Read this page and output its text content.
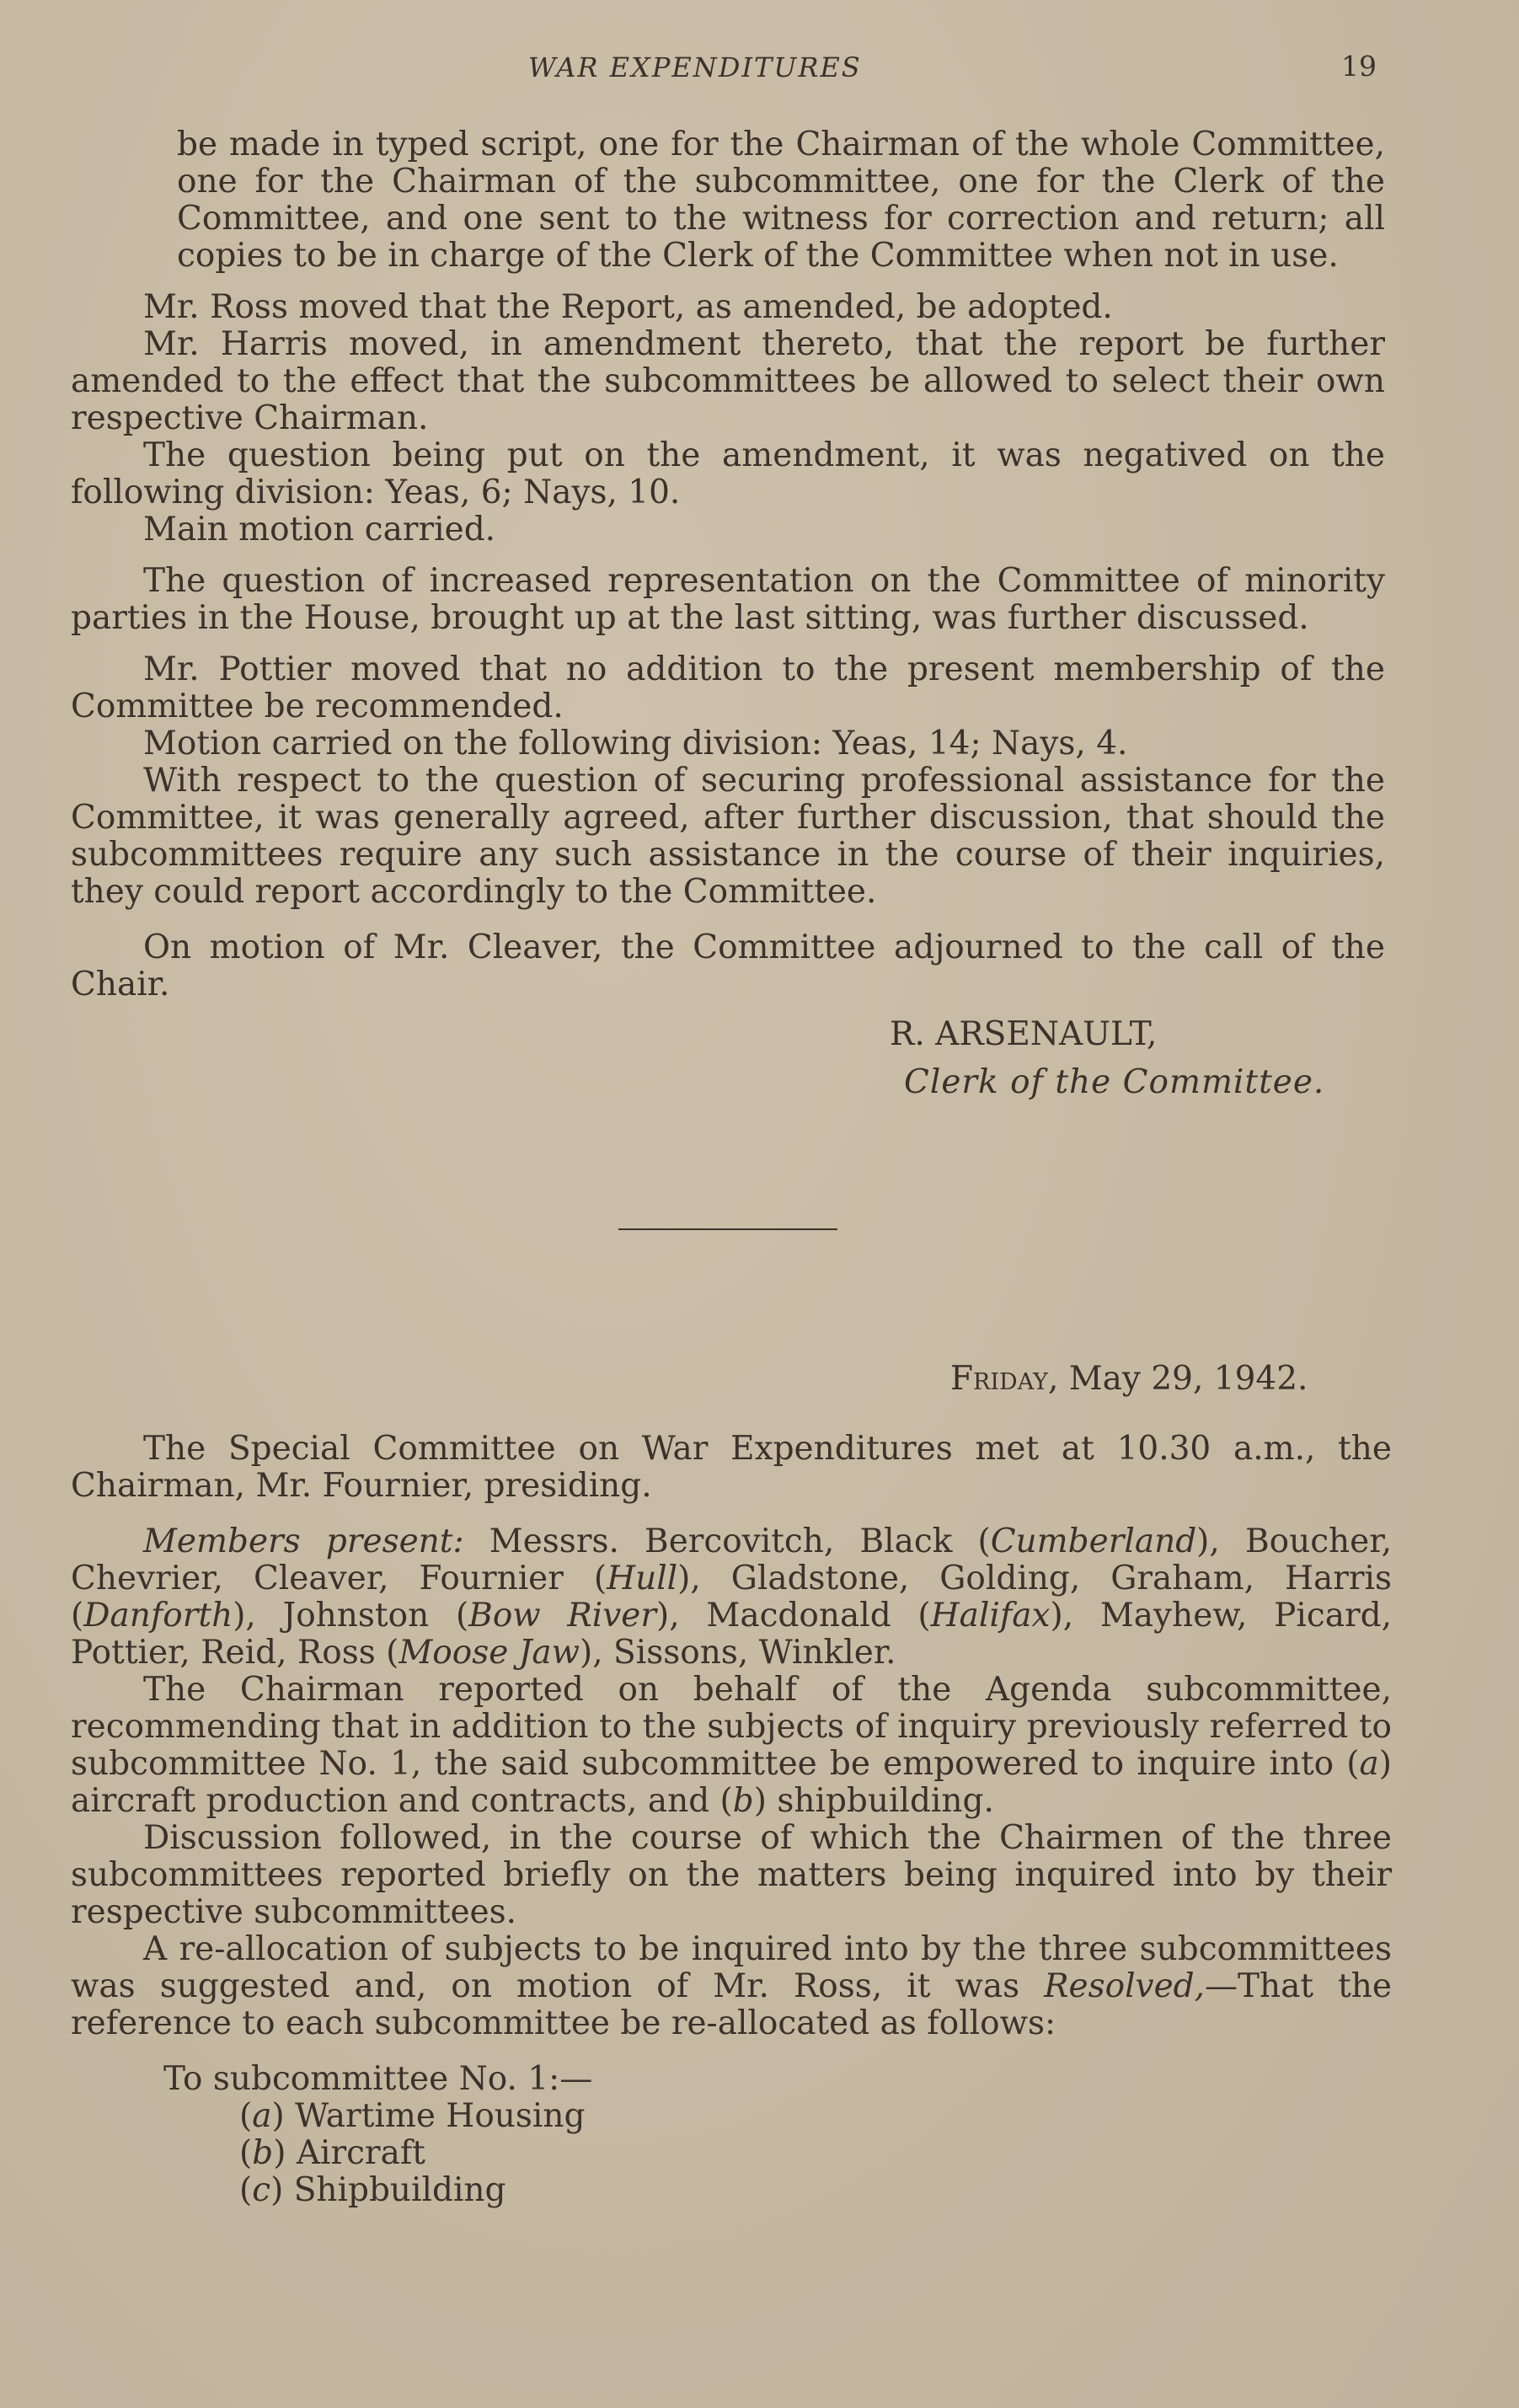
WAR EXPENDITURES	19

be made in typed script, one for the Chairman of the whole Committee, one for the Chairman of the subcommittee, one for the Clerk of the Committee, and one sent to the witness for correction and return; all copies to be in charge of the Clerk of the Committee when not in use.

Mr. Ross moved that the Report, as amended, be adopted.

Mr. Harris moved, in amendment thereto, that the report be further amended to the effect that the subcommittees be allowed to select their own respective Chairman.

The question being put on the amendment, it was negatived on the following division: Yeas, 6; Nays, 10.

Main motion carried.

The question of increased representation on the Committee of minority parties in the House, brought up at the last sitting, was further discussed.

Mr. Pottier moved that no addition to the present membership of the Committee be recommended.

Motion carried on the following division: Yeas, 14; Nays, 4.

With respect to the question of securing professional assistance for the Committee, it was generally agreed, after further discussion, that should the subcommittees require any such assistance in the course of their inquiries, they could report accordingly to the Committee.

On motion of Mr. Cleaver, the Committee adjourned to the call of the Chair.

R. ARSENAULT,
Clerk of the Committee.
Friday, May 29, 1942.

The Special Committee on War Expenditures met at 10.30 a.m., the Chairman, Mr. Fournier, presiding.

Members present: Messrs. Bercovitch, Black (Cumberland), Boucher, Chevrier, Cleaver, Fournier (Hull), Gladstone, Golding, Graham, Harris (Danforth), Johnston (Bow River), Macdonald (Halifax), Mayhew, Picard, Pottier, Reid, Ross (Moose Jaw), Sissons, Winkler.

The Chairman reported on behalf of the Agenda subcommittee, recommending that in addition to the subjects of inquiry previously referred to subcommittee No. 1, the said subcommittee be empowered to inquire into (a) aircraft production and contracts, and (b) shipbuilding.

Discussion followed, in the course of which the Chairmen of the three subcommittees reported briefly on the matters being inquired into by their respective subcommittees.

A re-allocation of subjects to be inquired into by the three subcommittees was suggested and, on motion of Mr. Ross, it was Resolved,—That the reference to each subcommittee be re-allocated as follows:

To subcommittee No. 1:—
(a) Wartime Housing
(b) Aircraft
(c) Shipbuilding
